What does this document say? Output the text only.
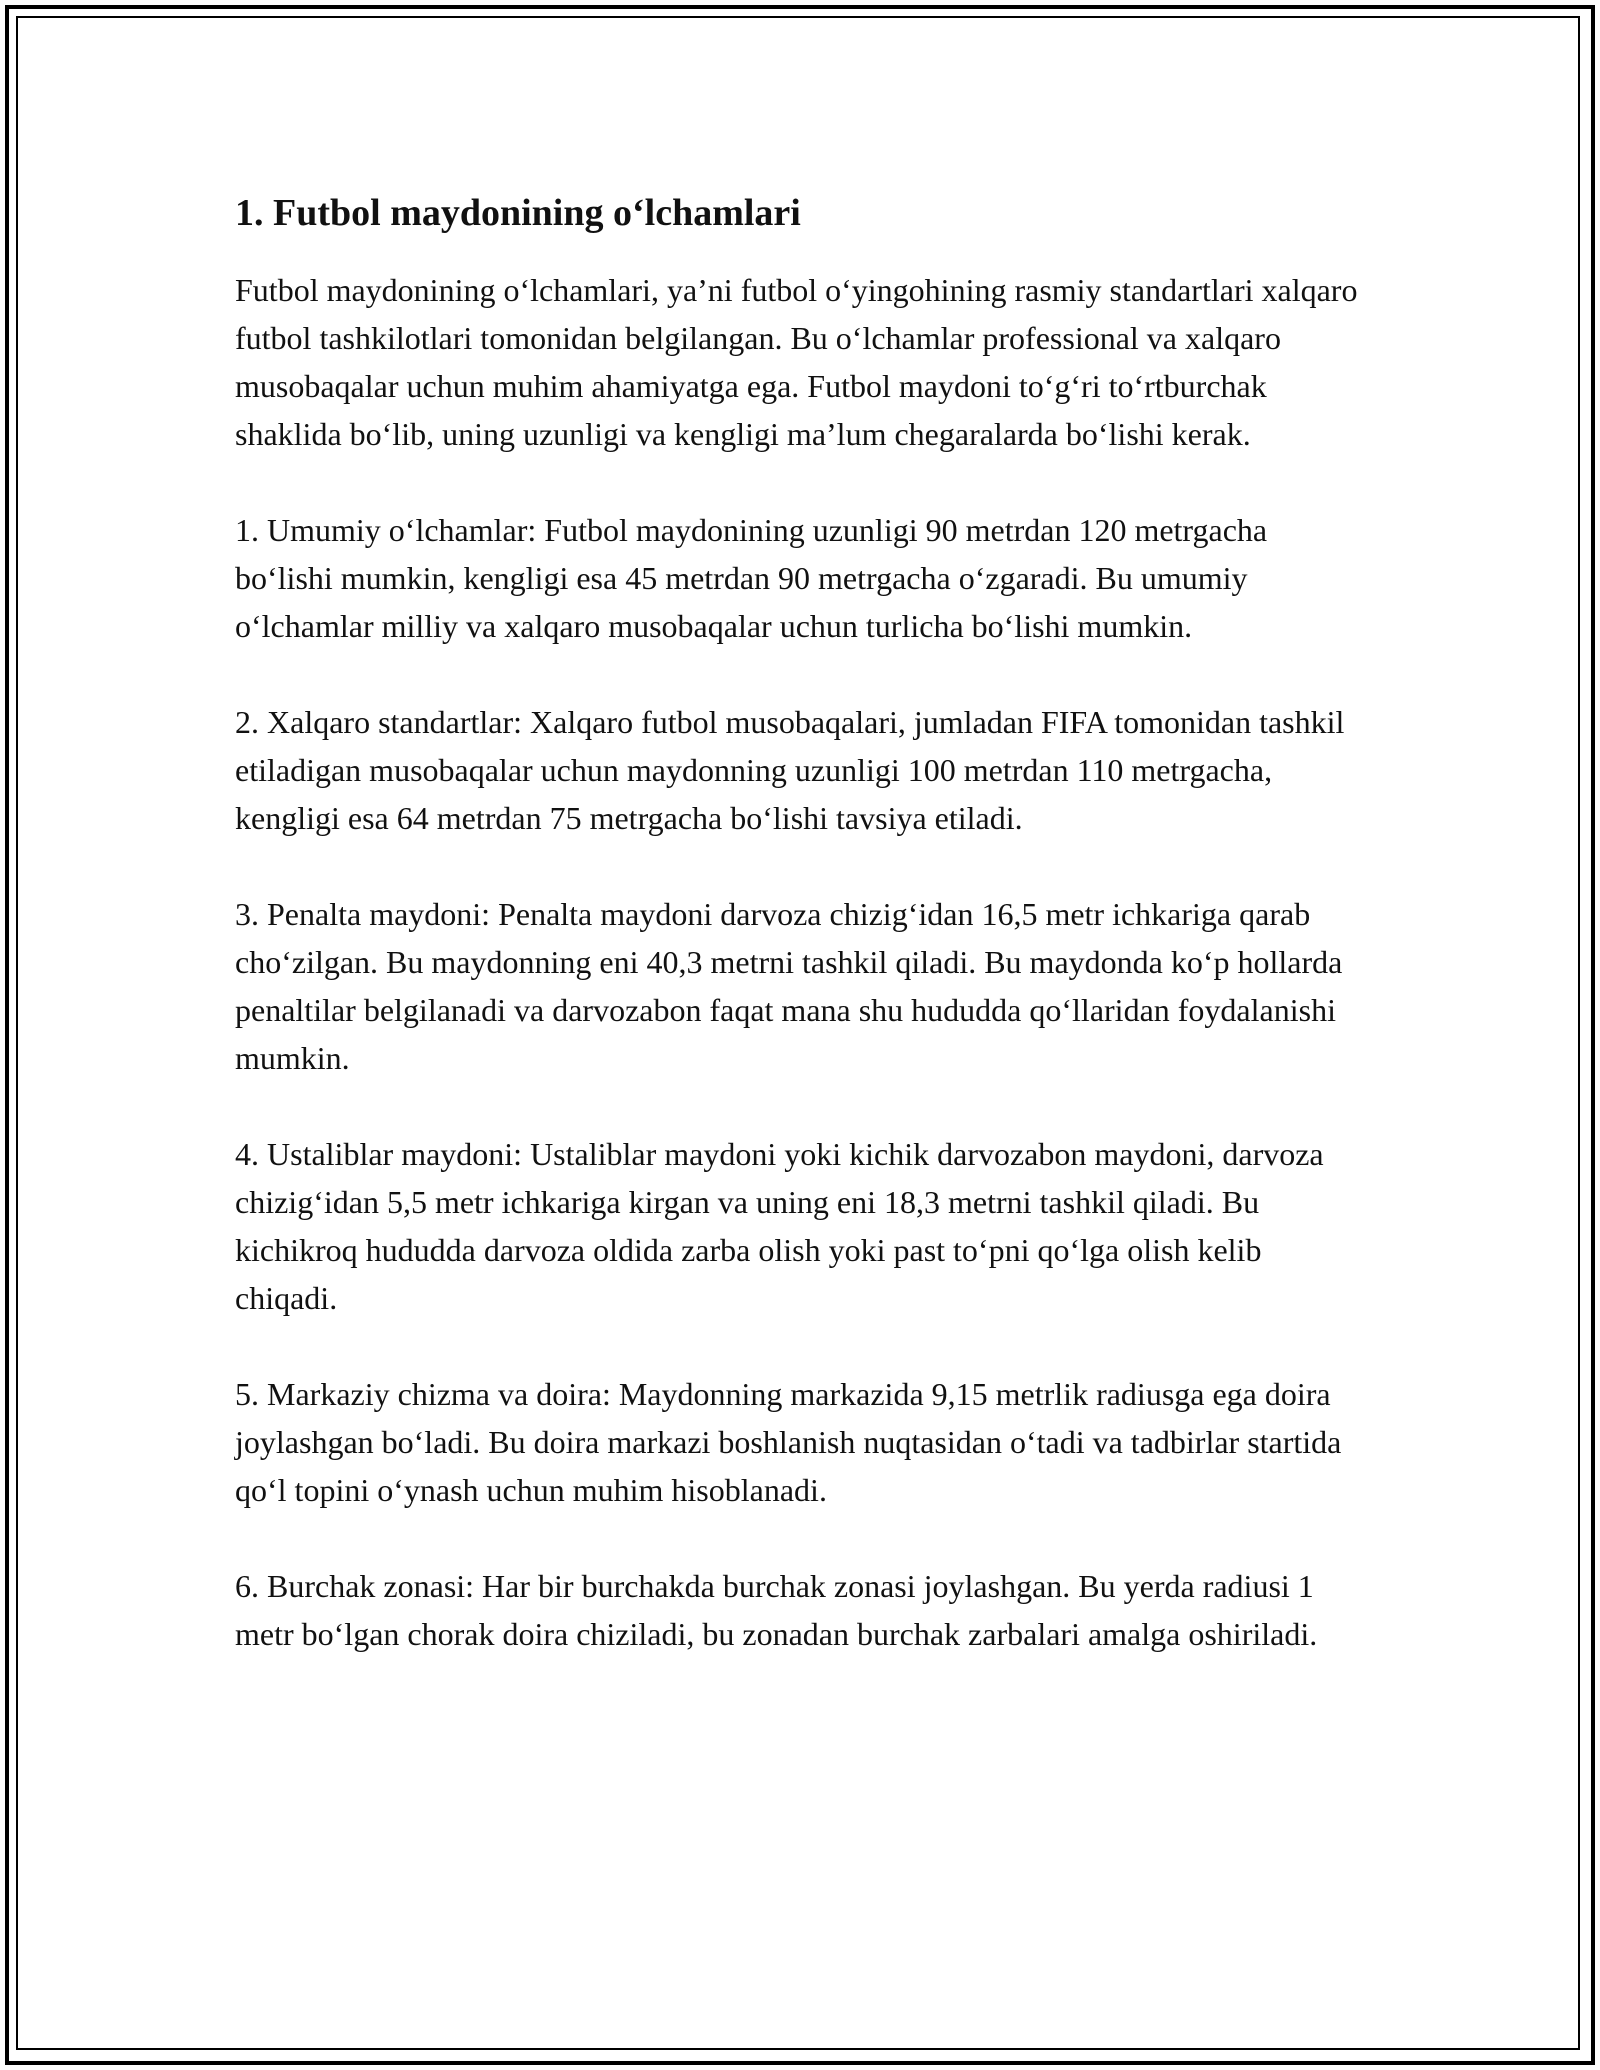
1. Futbol maydonining o‘lchamlari

Futbol maydonining o‘lchamlari, ya’ni futbol o‘yingohining rasmiy standartlari xalqaro futbol tashkilotlari tomonidan belgilangan. Bu o‘lchamlar professional va xalqaro musobaqalar uchun muhim ahamiyatga ega. Futbol maydoni to‘g‘ri to‘rtburchak shaklida bo‘lib, uning uzunligi va kengligi ma’lum chegaralarda bo‘lishi kerak.

1. Umumiy o‘lchamlar: Futbol maydonining uzunligi 90 metrdan 120 metrgacha bo‘lishi mumkin, kengligi esa 45 metrdan 90 metrgacha o‘zgaradi. Bu umumiy o‘lchamlar milliy va xalqaro musobaqalar uchun turlicha bo‘lishi mumkin.

2. Xalqaro standartlar: Xalqaro futbol musobaqalari, jumladan FIFA tomonidan tashkil etiladigan musobaqalar uchun maydonning uzunligi 100 metrdan 110 metrgacha, kengligi esa 64 metrdan 75 metrgacha bo‘lishi tavsiya etiladi.

3. Penalta maydoni: Penalta maydoni darvoza chizig‘idan 16,5 metr ichkariga qarab cho‘zilgan. Bu maydonning eni 40,3 metrni tashkil qiladi. Bu maydonda ko‘p hollarda penaltilar belgilanadi va darvozabon faqat mana shu hududda qo‘llaridan foydalanishi mumkin.

4. Ustaliblar maydoni: Ustaliblar maydoni yoki kichik darvozabon maydoni, darvoza chizig‘idan 5,5 metr ichkariga kirgan va uning eni 18,3 metrni tashkil qiladi. Bu kichikroq hududda darvoza oldida zarba olish yoki past to‘pni qo‘lga olish kelib chiqadi.

5. Markaziy chizma va doira: Maydonning markazida 9,15 metrlik radiusga ega doira joylashgan bo‘ladi. Bu doira markazi boshlanish nuqtasidan o‘tadi va tadbirlar startida qo‘l topini o‘ynash uchun muhim hisoblanadi.

6. Burchak zonasi: Har bir burchakda burchak zonasi joylashgan. Bu yerda radiusi 1 metr bo‘lgan chorak doira chiziladi, bu zonadan burchak zarbalari amalga oshiriladi.
